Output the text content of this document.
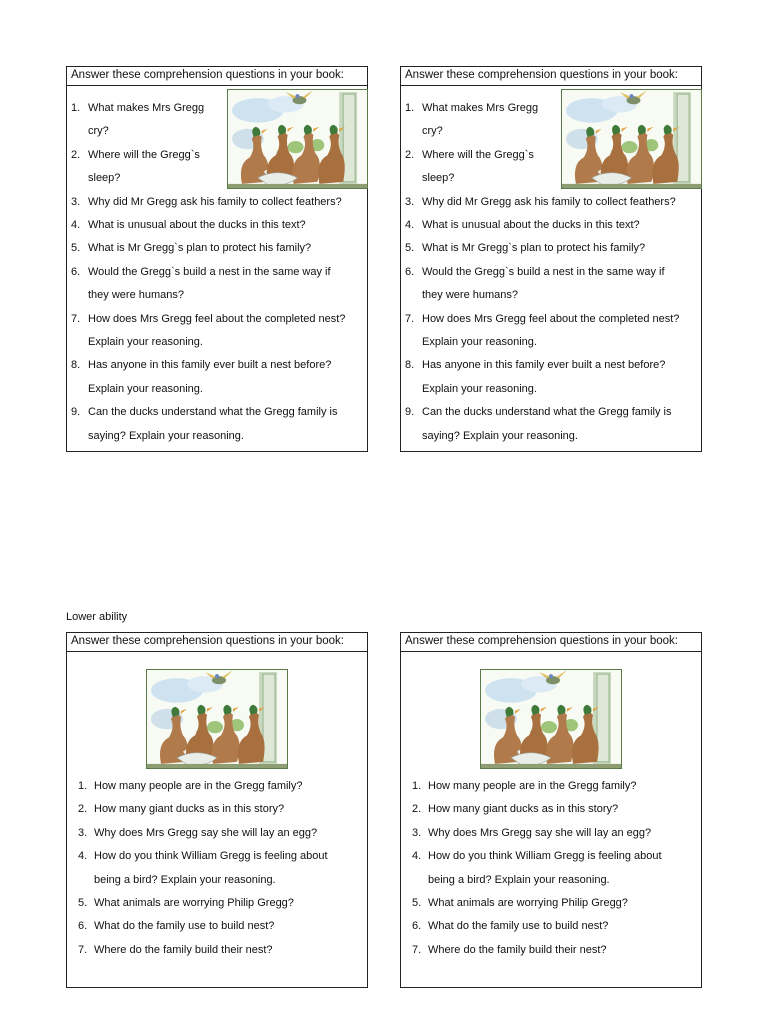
Answer these comprehension questions in your book:
1. What makes Mrs Gregg
cry?
2. Where will the Gregg`s
sleep?
3. Why did Mr Gregg ask his family to collect feathers?
4. What is unusual about the ducks in this text?
5. What is Mr Gregg`s plan to protect his family?
6. Would the Gregg`s build a nest in the same way if
they were humans?
7. How does Mrs Gregg feel about the completed nest?
Explain your reasoning.
8. Has anyone in this family ever built a nest before?
Explain your reasoning.
9. Can the ducks understand what the Gregg family is
saying? Explain your reasoning.
Answer these comprehension questions in your book:
1. What makes Mrs Gregg
cry?
2. Where will the Gregg`s
sleep?
3. Why did Mr Gregg ask his family to collect feathers?
4. What is unusual about the ducks in this text?
5. What is Mr Gregg`s plan to protect his family?
6. Would the Gregg`s build a nest in the same way if
they were humans?
7. How does Mrs Gregg feel about the completed nest?
Explain your reasoning.
8. Has anyone in this family ever built a nest before?
Explain your reasoning.
9. Can the ducks understand what the Gregg family is
saying? Explain your reasoning.
Lower ability
Answer these comprehension questions in your book:
1. How many people are in the Gregg family?
2. How many giant ducks as in this story?
3. Why does Mrs Gregg say she will lay an egg?
4. How do you think William Gregg is feeling about
being a bird? Explain your reasoning.
5. What animals are worrying Philip Gregg?
6. What do the family use to build nest?
7. Where do the family build their nest?
Answer these comprehension questions in your book:
1. How many people are in the Gregg family?
2. How many giant ducks as in this story?
3. Why does Mrs Gregg say she will lay an egg?
4. How do you think William Gregg is feeling about
being a bird? Explain your reasoning.
5. What animals are worrying Philip Gregg?
6. What do the family use to build nest?
7. Where do the family build their nest?
